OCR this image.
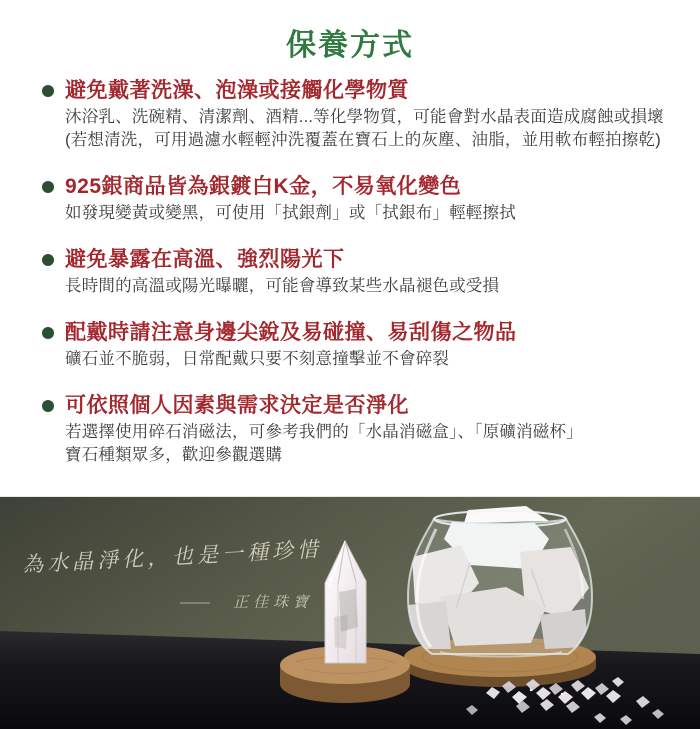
保養方式
避免戴著洗澡、泡澡或接觸化學物質
沐浴乳、洗碗精、清潔劑、酒精...等化學物質，可能會對水晶表面造成腐蝕或損壞
(若想清洗，可用過濾水輕輕沖洗覆蓋在寶石上的灰塵、油脂，並用軟布輕拍擦乾)
925銀商品皆為銀鍍白K金，不易氧化變色
如發現變黃或變黑，可使用「拭銀劑」或「拭銀布」輕輕擦拭
避免暴露在高溫、強烈陽光下
長時間的高溫或陽光曝曬，可能會導致某些水晶褪色或受損
配戴時請注意身邊尖銳及易碰撞、易刮傷之物品
礦石並不脆弱，日常配戴只要不刻意撞擊並不會碎裂
可依照個人因素與需求決定是否淨化
若選擇使用碎石消磁法，可參考我們的「水晶消磁盒」、「原礦消磁杯」
寶石種類眾多，歡迎參觀選購
為水晶淨化，也是一種珍惜
—— 正佳珠寶
